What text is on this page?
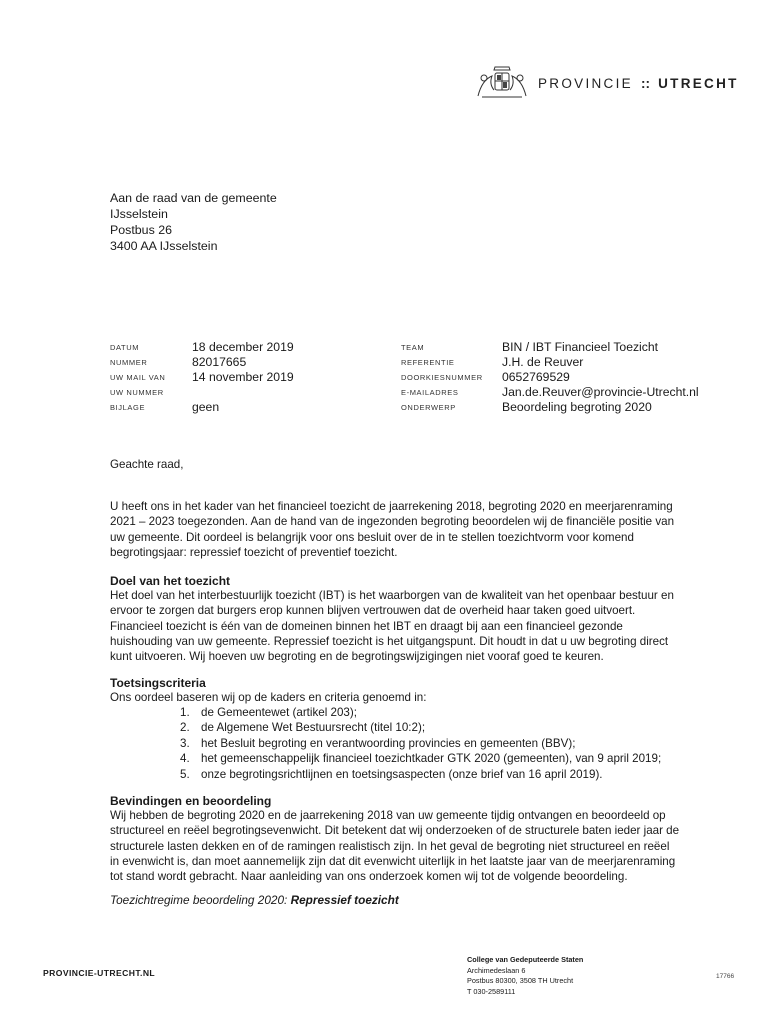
PROVINCIE :: UTRECHT
Aan de raad van de gemeente
IJsselstein
Postbus 26
3400 AA IJsselstein
DATUM	18 december 2019
NUMMER	82017665
UW MAIL VAN 14 november 2019
UW NUMMER
BIJLAGE	geen
TEAM	BIN / IBT Financieel Toezicht
REFERENTIE	J.H. de Reuver
DOORKIESNUMMER 0652769529
E-MAILADRES	Jan.de.Reuver@provincie-Utrecht.nl
ONDERWERP	Beoordeling begroting 2020
Geachte raad,
U heeft ons in het kader van het financieel toezicht de jaarrekening 2018, begroting 2020 en meerjarenraming 2021 – 2023 toegezonden. Aan de hand van de ingezonden begroting beoordelen wij de financiële positie van uw gemeente. Dit oordeel is belangrijk voor ons besluit over de in te stellen toezichtvorm voor komend begrotingsjaar: repressief toezicht of preventief toezicht.
Doel van het toezicht
Het doel van het interbestuurlijk toezicht (IBT) is het waarborgen van de kwaliteit van het openbaar bestuur en ervoor te zorgen dat burgers erop kunnen blijven vertrouwen dat de overheid haar taken goed uitvoert. Financieel toezicht is één van de domeinen binnen het IBT en draagt bij aan een financieel gezonde huishouding van uw gemeente. Repressief toezicht is het uitgangspunt. Dit houdt in dat u uw begroting direct kunt uitvoeren. Wij hoeven uw begroting en de begrotingswijzigingen niet vooraf goed te keuren.
Toetsingscriteria
Ons oordeel baseren wij op de kaders en criteria genoemd in:
1. de Gemeentewet (artikel 203);
2. de Algemene Wet Bestuursrecht (titel 10:2);
3. het Besluit begroting en verantwoording provincies en gemeenten (BBV);
4. het gemeenschappelijk financieel toezichtkader GTK 2020 (gemeenten), van 9 april 2019;
5. onze begrotingsrichtlijnen en toetsingsaspecten (onze brief van 16 april 2019).
Bevindingen en beoordeling
Wij hebben de begroting 2020 en de jaarrekening 2018 van uw gemeente tijdig ontvangen en beoordeeld op structureel en reëel begrotingsevenwicht. Dit betekent dat wij onderzoeken of de structurele baten ieder jaar de structurele lasten dekken en of de ramingen realistisch zijn. In het geval de begroting niet structureel en reëel in evenwicht is, dan moet aannemelijk zijn dat dit evenwicht uiterlijk in het laatste jaar van de meerjarenraming tot stand wordt gebracht. Naar aanleiding van ons onderzoek komen wij tot de volgende beoordeling.
Toezichtregime beoordeling 2020: Repressief toezicht
PROVINCIE-UTRECHT.NL
College van Gedeputeerde Staten
Archimedeslaan 6
Postbus 80300, 3508 TH Utrecht
T 030-2589111
17766
